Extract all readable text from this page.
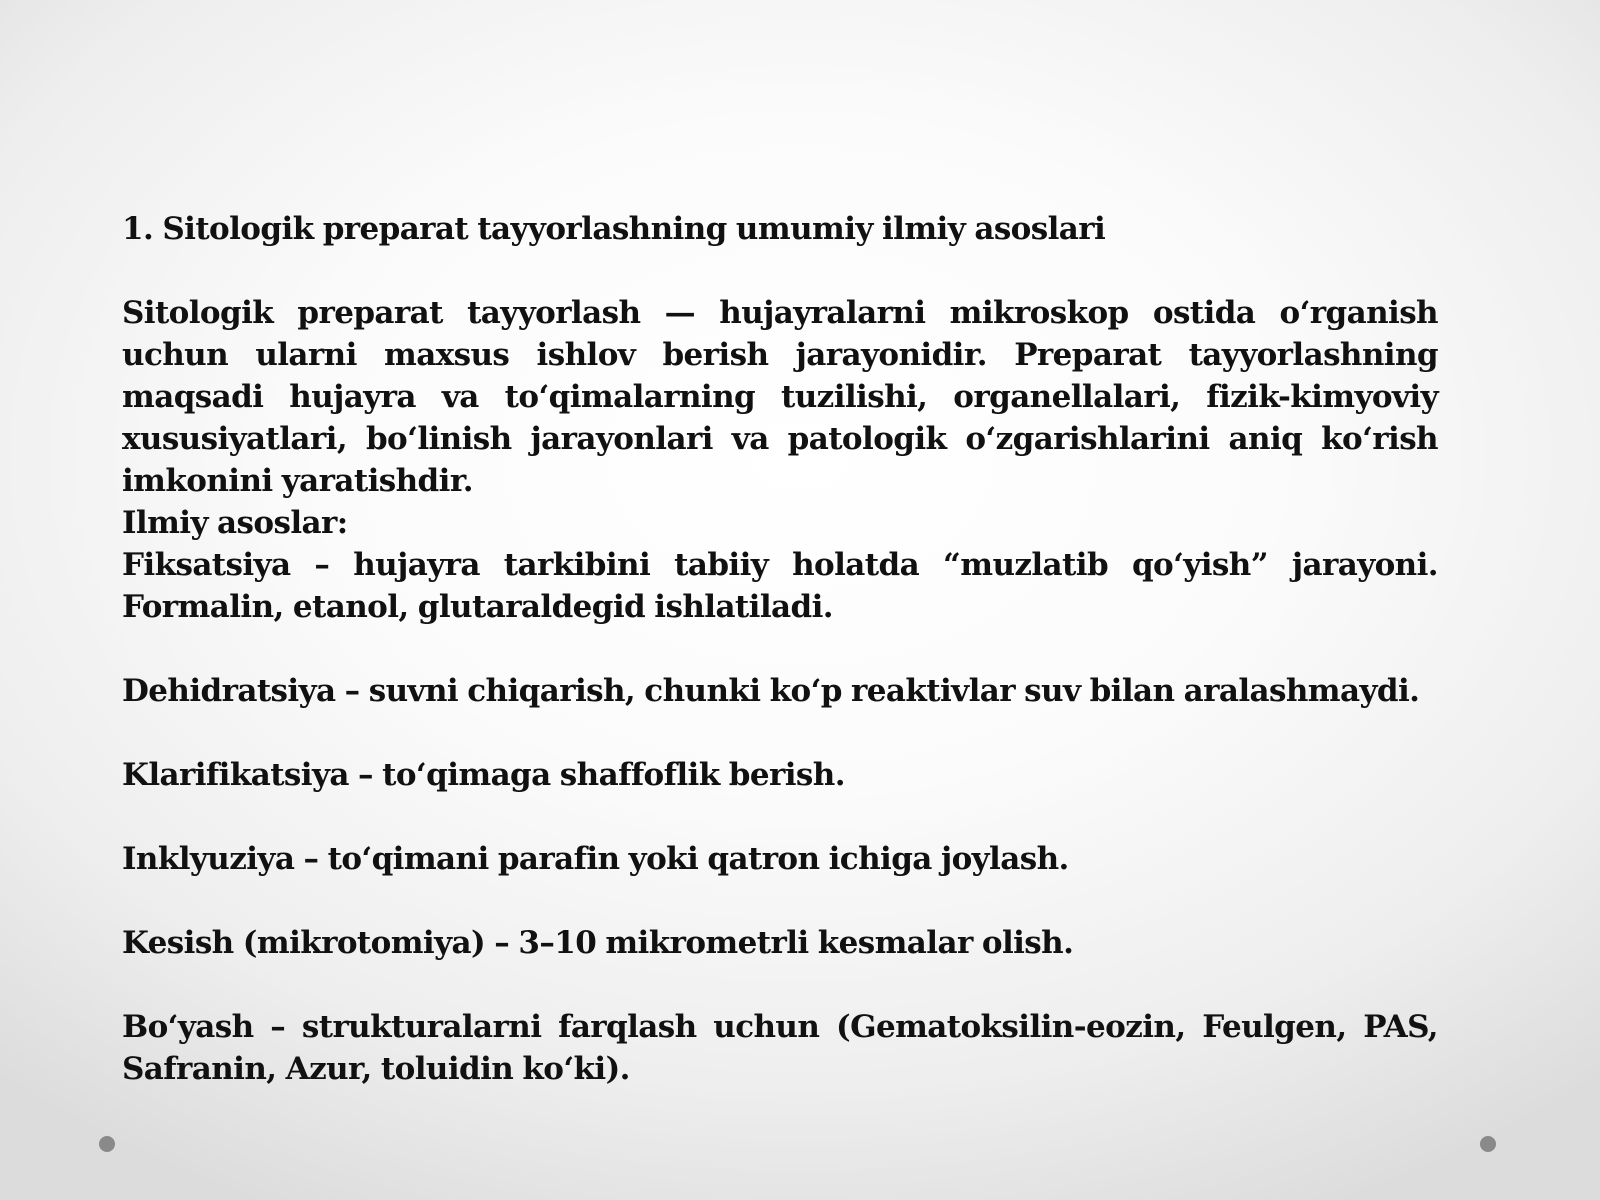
1. Sitologik preparat tayyorlashning umumiy ilmiy asoslari

Sitologik preparat tayyorlash — hujayralarni mikroskop ostida oʻrganish uchun ularni maxsus ishlov berish jarayonidir. Preparat tayyorlashning maqsadi hujayra va toʻqimalarning tuzilishi, organellalari, fizik-kimyoviy xususiyatlari, boʻlinish jarayonlari va patologik oʻzgarishlarini aniq koʻrish imkonini yaratishdir.

Ilmiy asoslar:

Fiksatsiya – hujayra tarkibini tabiiy holatda “muzlatib qoʻyish” jarayoni. Formalin, etanol, glutaraldegid ishlatiladi.

Dehidratsiya – suvni chiqarish, chunki koʻp reaktivlar suv bilan aralashmaydi.

Klarifikatsiya – toʻqimaga shaffoflik berish.

Inklyuziya – toʻqimani parafin yoki qatron ichiga joylash.

Kesish (mikrotomiya) – 3–10 mikrometrli kesmalar olish.

Boʻyash – strukturalarni farqlash uchun (Gematoksilin-eozin, Feulgen, PAS, Safranin, Azur, toluidin koʻki).
